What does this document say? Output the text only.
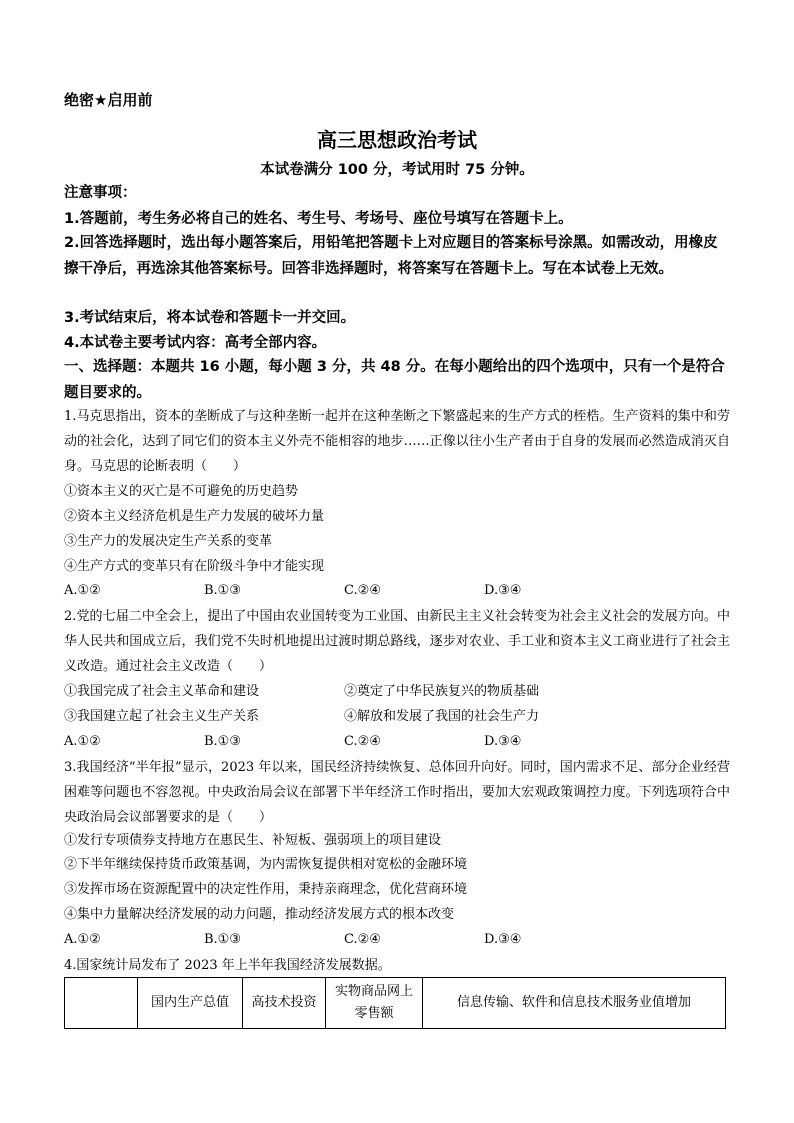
绝密★启用前
高三思想政治考试
本试卷满分 100 分，考试用时 75 分钟。
注意事项：
1.答题前，考生务必将自己的姓名、考生号、考场号、座位号填写在答题卡上。
2.回答选择题时，选出每小题答案后，用铅笔把答题卡上对应题目的答案标号涂黑。如需改动，用橡皮擦干净后，再选涂其他答案标号。回答非选择题时，将答案写在答题卡上。写在本试卷上无效。
3.考试结束后，将本试卷和答题卡一并交回。
4.本试卷主要考试内容：高考全部内容。
一、选择题：本题共 16 小题，每小题 3 分，共 48 分。在每小题给出的四个选项中，只有一个是符合题目要求的。
1.马克思指出，资本的垄断成了与这种垄断一起并在这种垄断之下繁盛起来的生产方式的桎梏。生产资料的集中和劳动的社会化，达到了同它们的资本主义外壳不能相容的地步……正像以往小生产者由于自身的发展而必然造成消灭自身。马克思的论断表明（　　）
①资本主义的灭亡是不可避免的历史趋势
②资本主义经济危机是生产力发展的破坏力量
③生产力的发展决定生产关系的变革
④生产方式的变革只有在阶级斗争中才能实现
A.①②	B.①③	C.②④	D.③④
2.党的七届二中全会上，提出了中国由农业国转变为工业国、由新民主主义社会转变为社会主义社会的发展方向。中华人民共和国成立后，我们党不失时机地提出过渡时期总路线，逐步对农业、手工业和资本主义工商业进行了社会主义改造。通过社会主义改造（　　）
①我国完成了社会主义革命和建设	②奠定了中华民族复兴的物质基础
③我国建立起了社会主义生产关系	④解放和发展了我国的社会生产力
A.①②	B.①③	C.②④	D.③④
3.我国经济“半年报”显示，2023 年以来，国民经济持续恢复、总体回升向好。同时，国内需求不足、部分企业经营困难等问题也不容忽视。中央政治局会议在部署下半年经济工作时指出，要加大宏观政策调控力度。下列选项符合中央政治局会议部署要求的是（　　）
①发行专项债券支持地方在惠民生、补短板、强弱项上的项目建设
②下半年继续保持货币政策基调，为内需恢复提供相对宽松的金融环境
③发挥市场在资源配置中的决定性作用，秉持亲商理念，优化营商环境
④集中力量解决经济发展的动力问题，推动经济发展方式的根本改变
A.①②	B.①③	C.②④	D.③④
4.国家统计局发布了 2023 年上半年我国经济发展数据。
	国内生产总值	高技术投资	实物商品网上零售额	信息传输、软件和信息技术服务业值增加
